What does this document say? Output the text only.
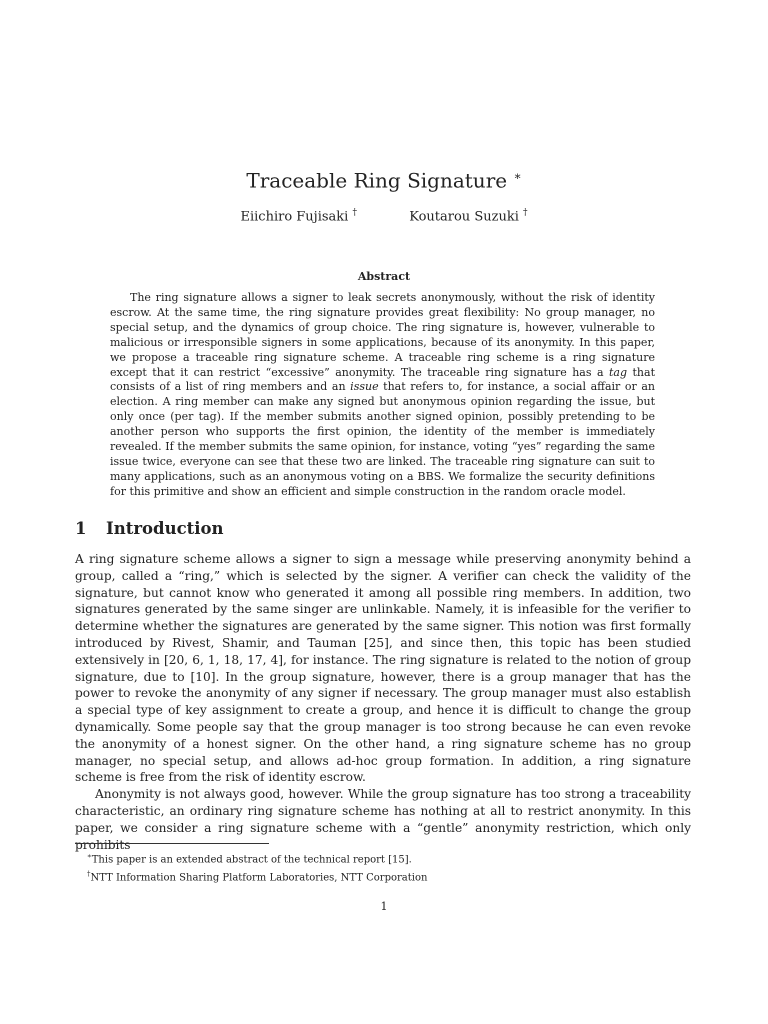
Traceable Ring Signature ∗
Eiichiro Fujisaki †	Koutarou Suzuki †
Abstract

The ring signature allows a signer to leak secrets anonymously, without the risk of identity escrow. At the same time, the ring signature provides great flexibility: No group manager, no special setup, and the dynamics of group choice. The ring signature is, however, vulnerable to malicious or irresponsible signers in some applications, because of its anonymity. In this paper, we propose a traceable ring signature scheme. A traceable ring scheme is a ring signature except that it can restrict “excessive” anonymity. The traceable ring signature has a tag that consists of a list of ring members and an issue that refers to, for instance, a social affair or an election. A ring member can make any signed but anonymous opinion regarding the issue, but only once (per tag). If the member submits another signed opinion, possibly pretending to be another person who supports the first opinion, the identity of the member is immediately revealed. If the member submits the same opinion, for instance, voting “yes” regarding the same issue twice, everyone can see that these two are linked. The traceable ring signature can suit to many applications, such as an anonymous voting on a BBS. We formalize the security definitions for this primitive and show an efficient and simple construction in the random oracle model.

1 Introduction

A ring signature scheme allows a signer to sign a message while preserving anonymity behind a group, called a “ring,” which is selected by the signer. A verifier can check the validity of the signature, but cannot know who generated it among all possible ring members. In addition, two signatures generated by the same singer are unlinkable. Namely, it is infeasible for the verifier to determine whether the signatures are generated by the same signer. This notion was first formally introduced by Rivest, Shamir, and Tauman [25], and since then, this topic has been studied extensively in [20, 6, 1, 18, 17, 4], for instance. The ring signature is related to the notion of group signature, due to [10]. In the group signature, however, there is a group manager that has the power to revoke the anonymity of any signer if necessary. The group manager must also establish a special type of key assignment to create a group, and hence it is difficult to change the group dynamically. Some people say that the group manager is too strong because he can even revoke the anonymity of a honest signer. On the other hand, a ring signature scheme has no group manager, no special setup, and allows ad-hoc group formation. In addition, a ring signature scheme is free from the risk of identity escrow.

Anonymity is not always good, however. While the group signature has too strong a traceability characteristic, an ordinary ring signature scheme has nothing at all to restrict anonymity. In this paper, we consider a ring signature scheme with a “gentle” anonymity restriction, which only prohibits

∗This paper is an extended abstract of the technical report [15].
†NTT Information Sharing Platform Laboratories, NTT Corporation
1
